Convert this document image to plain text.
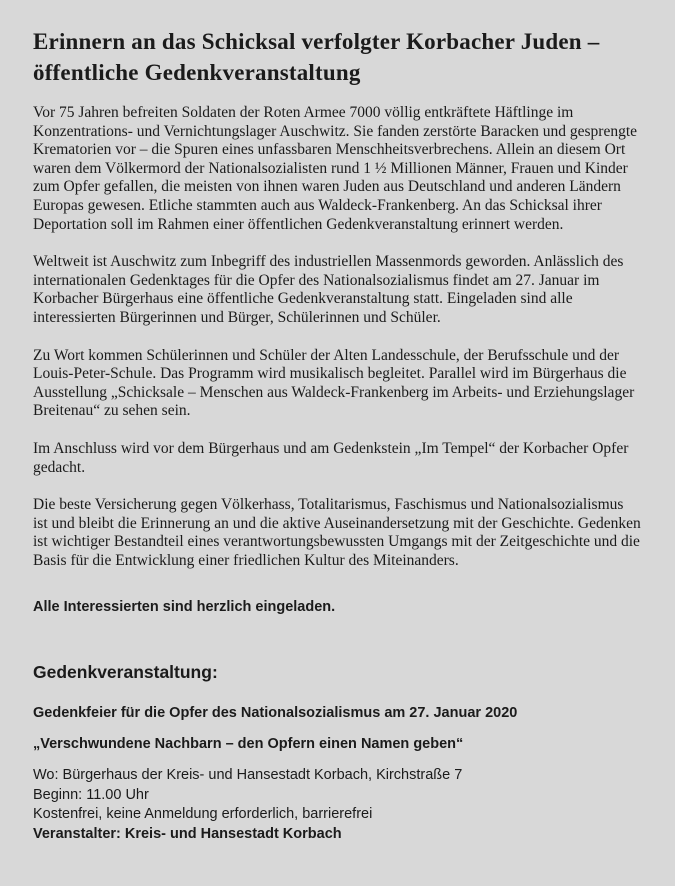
Erinnern an das Schicksal verfolgter Korbacher Juden – öffentliche Gedenkveranstaltung

Vor 75 Jahren befreiten Soldaten der Roten Armee 7000 völlig entkräftete Häftlinge im Konzentrations- und Vernichtungslager Auschwitz. Sie fanden zerstörte Baracken und gesprengte Krematorien vor – die Spuren eines unfassbaren Menschheitsverbrechens. Allein an diesem Ort waren dem Völkermord der Nationalsozialisten rund 1 ½ Millionen Männer, Frauen und Kinder zum Opfer gefallen, die meisten von ihnen waren Juden aus Deutschland und anderen Ländern Europas gewesen. Etliche stammten auch aus Waldeck-Frankenberg. An das Schicksal ihrer Deportation soll im Rahmen einer öffentlichen Gedenkveranstaltung erinnert werden.

Weltweit ist Auschwitz zum Inbegriff des industriellen Massenmords geworden. Anlässlich des internationalen Gedenktages für die Opfer des Nationalsozialismus findet am 27. Januar im Korbacher Bürgerhaus eine öffentliche Gedenkveranstaltung statt. Eingeladen sind alle interessierten Bürgerinnen und Bürger, Schülerinnen und Schüler.

Zu Wort kommen Schülerinnen und Schüler der Alten Landesschule, der Berufsschule und der Louis-Peter-Schule. Das Programm wird musikalisch begleitet. Parallel wird im Bürgerhaus die Ausstellung „Schicksale – Menschen aus Waldeck-Frankenberg im Arbeits- und Erziehungslager Breitenau“ zu sehen sein.

Im Anschluss wird vor dem Bürgerhaus und am Gedenkstein „Im Tempel“ der Korbacher Opfer gedacht.

Die beste Versicherung gegen Völkerhass, Totalitarismus, Faschismus und Nationalsozialismus ist und bleibt die Erinnerung an und die aktive Auseinandersetzung mit der Geschichte. Gedenken ist wichtiger Bestandteil eines verantwortungsbewussten Umgangs mit der Zeitgeschichte und die Basis für die Entwicklung einer friedlichen Kultur des Miteinanders.

Alle Interessierten sind herzlich eingeladen.

Gedenkveranstaltung:

Gedenkfeier für die Opfer des Nationalsozialismus am 27. Januar 2020

„Verschwundene Nachbarn – den Opfern einen Namen geben“

Wo: Bürgerhaus der Kreis- und Hansestadt Korbach, Kirchstraße 7
Beginn: 11.00 Uhr
Kostenfrei, keine Anmeldung erforderlich, barrierefrei
Veranstalter: Kreis- und Hansestadt Korbach
